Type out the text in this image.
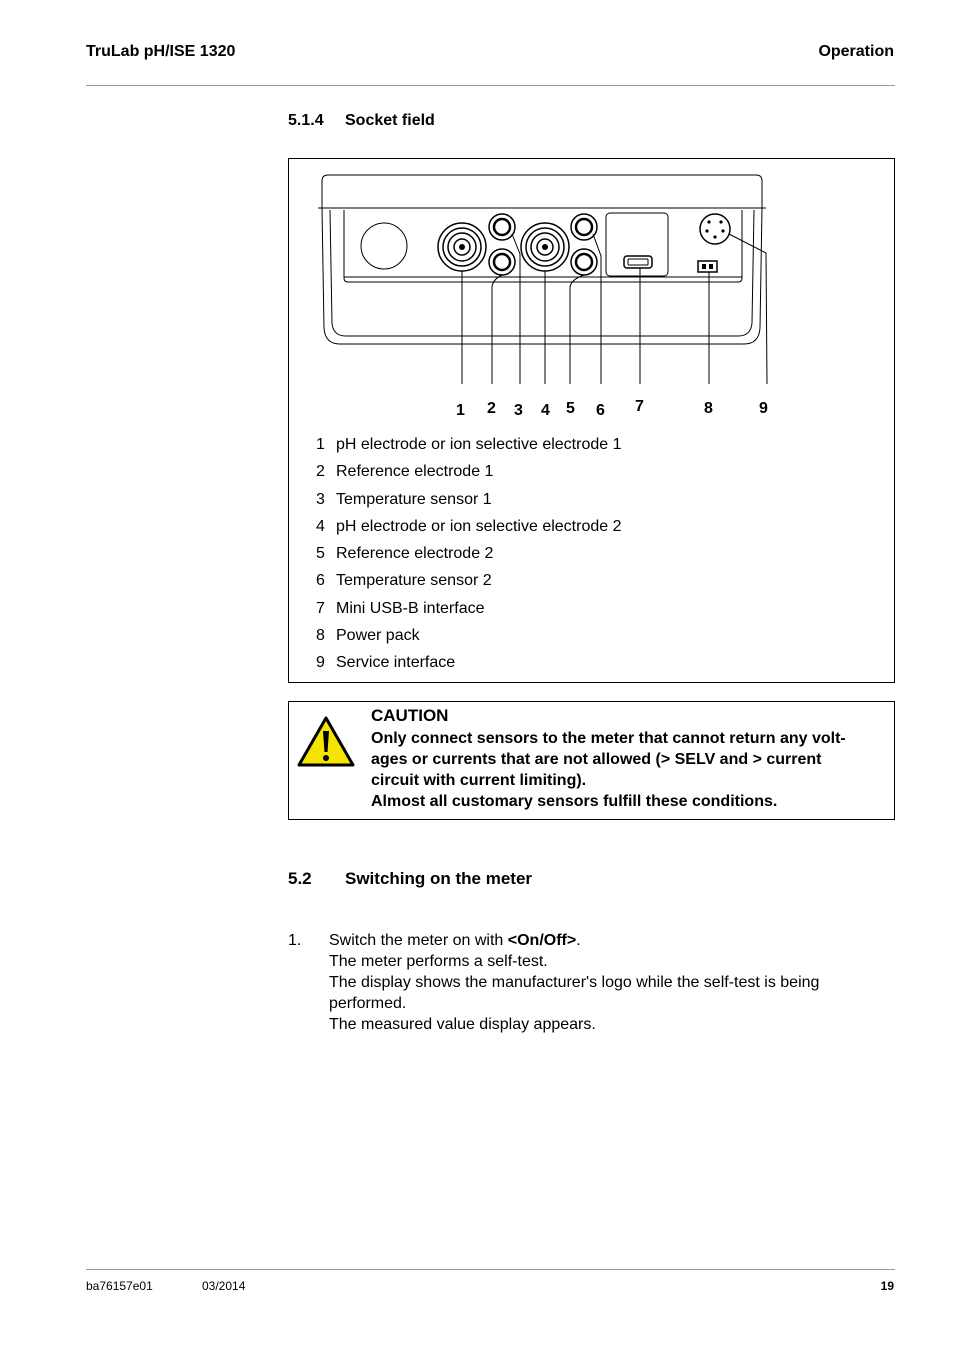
TruLab pH/ISE 1320	Operation
5.1.4 Socket field
1 2 3 4 5 6 7	8	9
1 pH electrode or ion selective electrode 1
2 Reference electrode 1
3 Temperature sensor 1
4 pH electrode or ion selective electrode 2
5 Reference electrode 2
6 Temperature sensor 2
7 Mini USB-B interface
8 Power pack
9 Service interface
CAUTION
Only connect sensors to the meter that cannot return any volt-
ages or currents that are not allowed (> SELV and > current
circuit with current limiting).
Almost all customary sensors fulfill these conditions.
5.2 Switching on the meter
1. Switch the meter on with <On/Off>.
The meter performs a self-test.
The display shows the manufacturer's logo while the self-test is being
performed.
The measured value display appears.
ba76157e01	03/2014	19
